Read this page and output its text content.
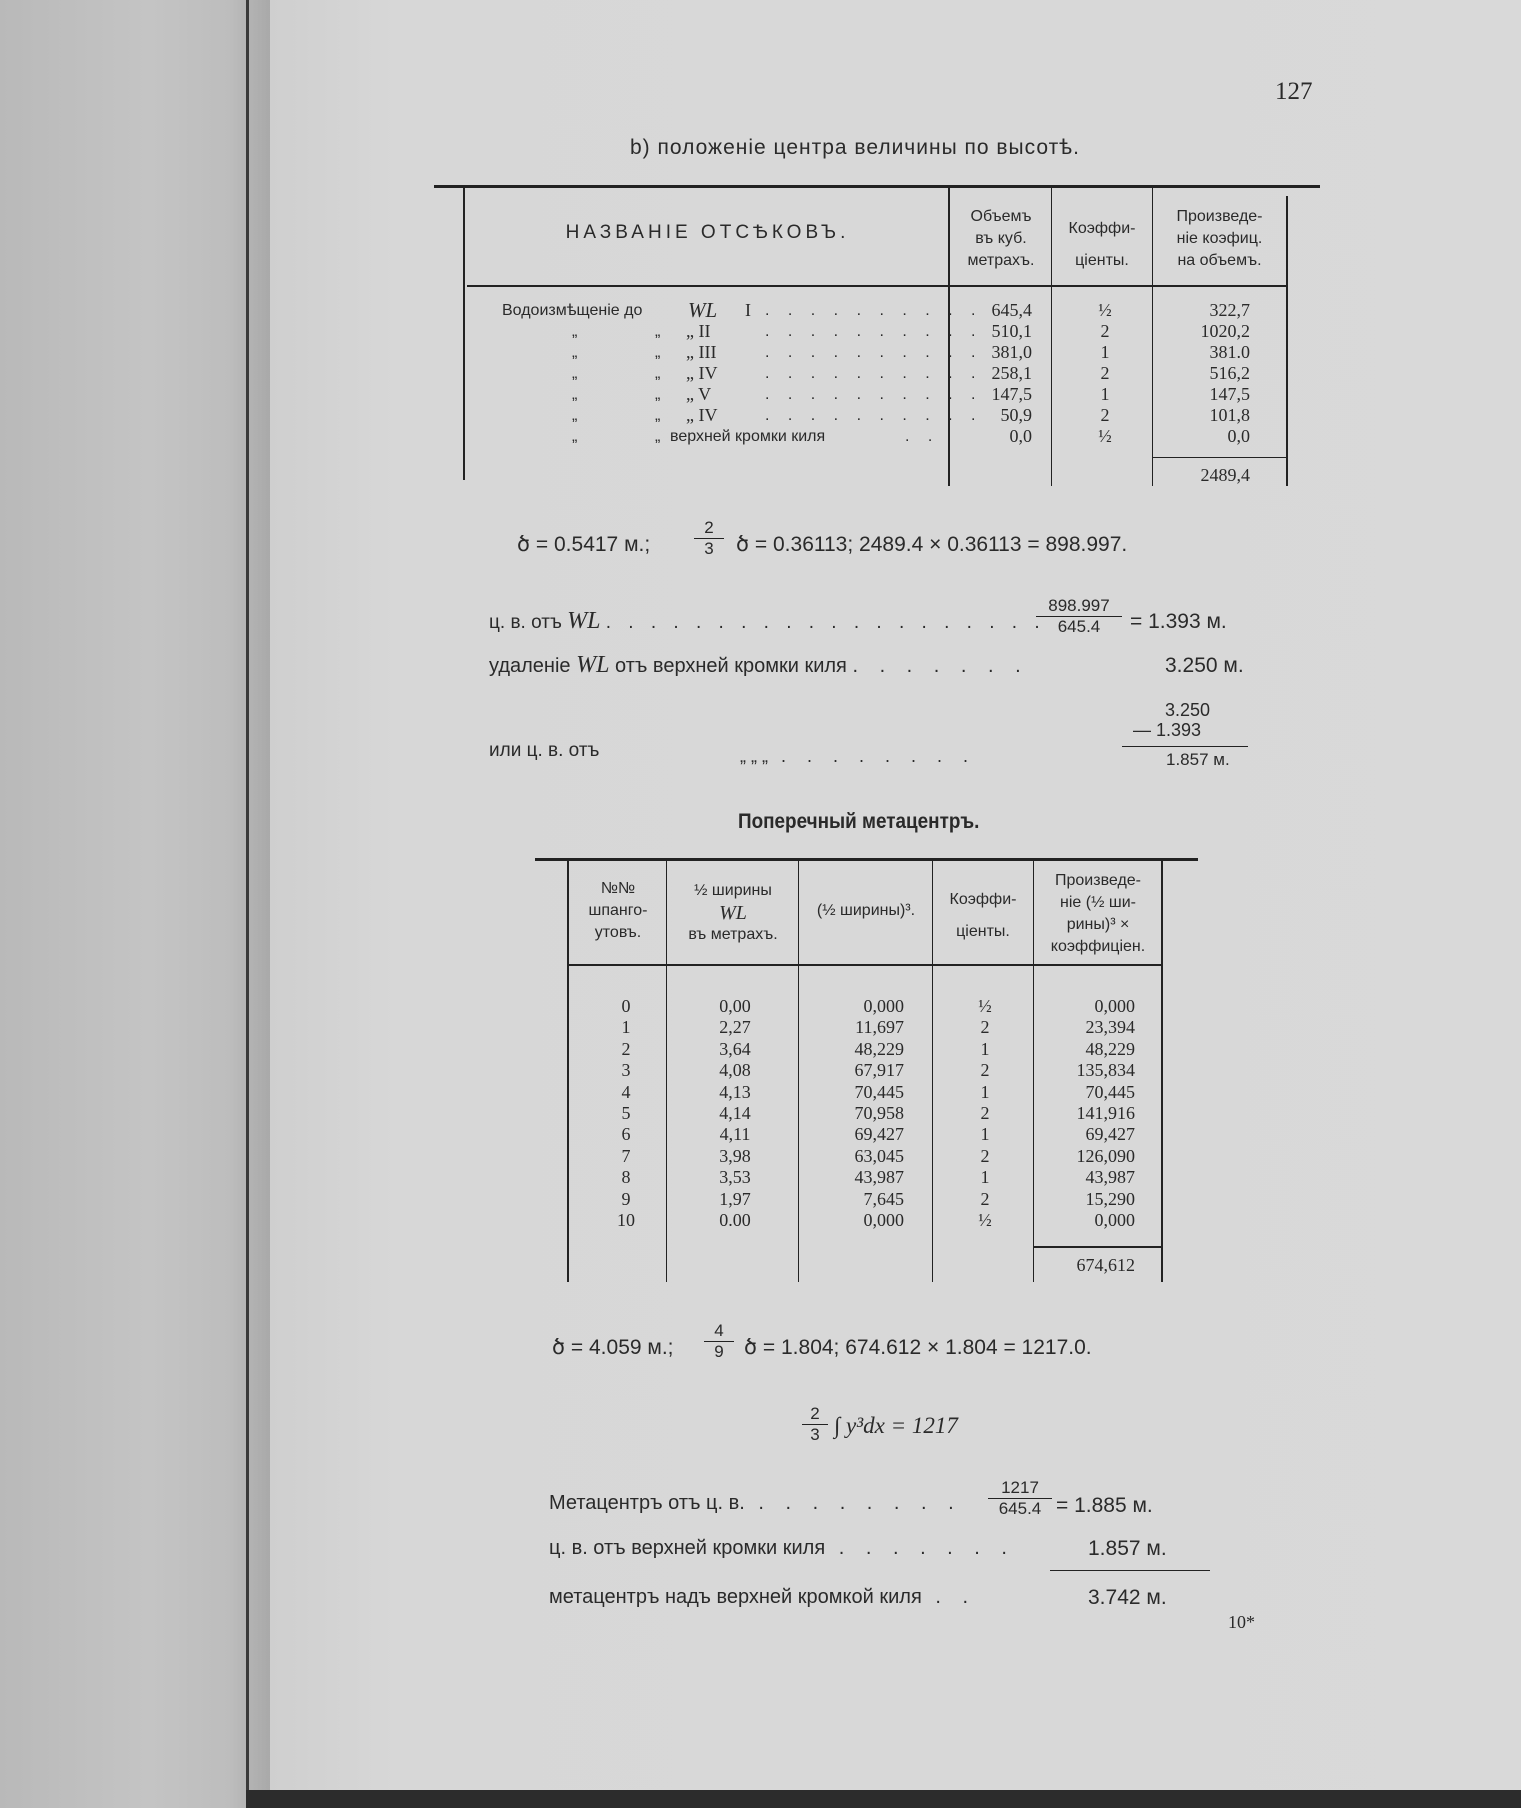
127
b) положеніе центра величины по высотѣ.
НАЗВАНІЕ ОТСѢКОВЪ.
Объемъ
въ куб.
метрахъ.
Коэффи-
ціенты.
Произведе-
ніе коэфиц.
на объемъ.
Водоизмѣщеніе до WL I . . . . . . . . . . 645,4	½	322,7
„	„ „ II	. . . . . . . . . . 510,1	2	1020,2
„	„ „ III	. . . . . . . . . . 381,0	1	381.0
„	„ „ IV	. . . . . . . . . . 258,1	2	516,2
„	„ „ V	. . . . . . . . . . 147,5	1	147,5
„	„ „ IV	. . . . . . . . . .	50,9	2	101,8
„	„ верхней кромки киля	. .	0,0	½	0,0
2489,4
ծ = 0.5417 м.;	$\frac{2}{3}$ ծ = 0.36113; 2489.4 × 0.36113 = 898.997.
ц. в. отъ WL . . . . . . . . . . . . . . . . . . . .
$\frac{898.997}{645.4} = 1.393$ м.
удаленіе WL отъ верхней кромки киля . . . . . . .	3.250 м.
3.250
— 1.393
или ц. в. отъ	„ „ „ . . . . . . . .	1.857 м.
Поперечный метацентръ.
№№
шпанго-
утовъ.
½ ширины
WL
въ метрахъ.
(½ ширины)³.
Коэффи-
ціенты.
Произведе-
ніе (½ ши-
рины)³ ×
коэффиціен.
0	0,00	0,000	½	0,000
1	2,27	11,697	2	23,394
2	3,64	48,229	1	48,229
3	4,08	67,917	2	135,834
4	4,13	70,445	1	70,445
5	4,14	70,958	2	141,916
6	4,11	69,427	1	69,427
7	3,98	63,045	2	126,090
8	3,53	43,987	1	43,987
9	1,97	7,645	2	15,290
10	0.00	0,000	½	0,000
674,612
ծ = 4.059 м.; $\frac{4}{9}$ ծ = 1.804; 674.612 × 1.804 = 1217.0.
$\frac{2}{3}$ ∫ y³dx = 1217
Метацентръ отъ ц. в. . . . . . . . . $\frac{1217}{645.4} = 1.885$ м.
ц. в. отъ верхней кромки киля . . . . . . .	1.857 м.
метацентръ надъ верхней кромкой киля . .	3.742 м.
10*
